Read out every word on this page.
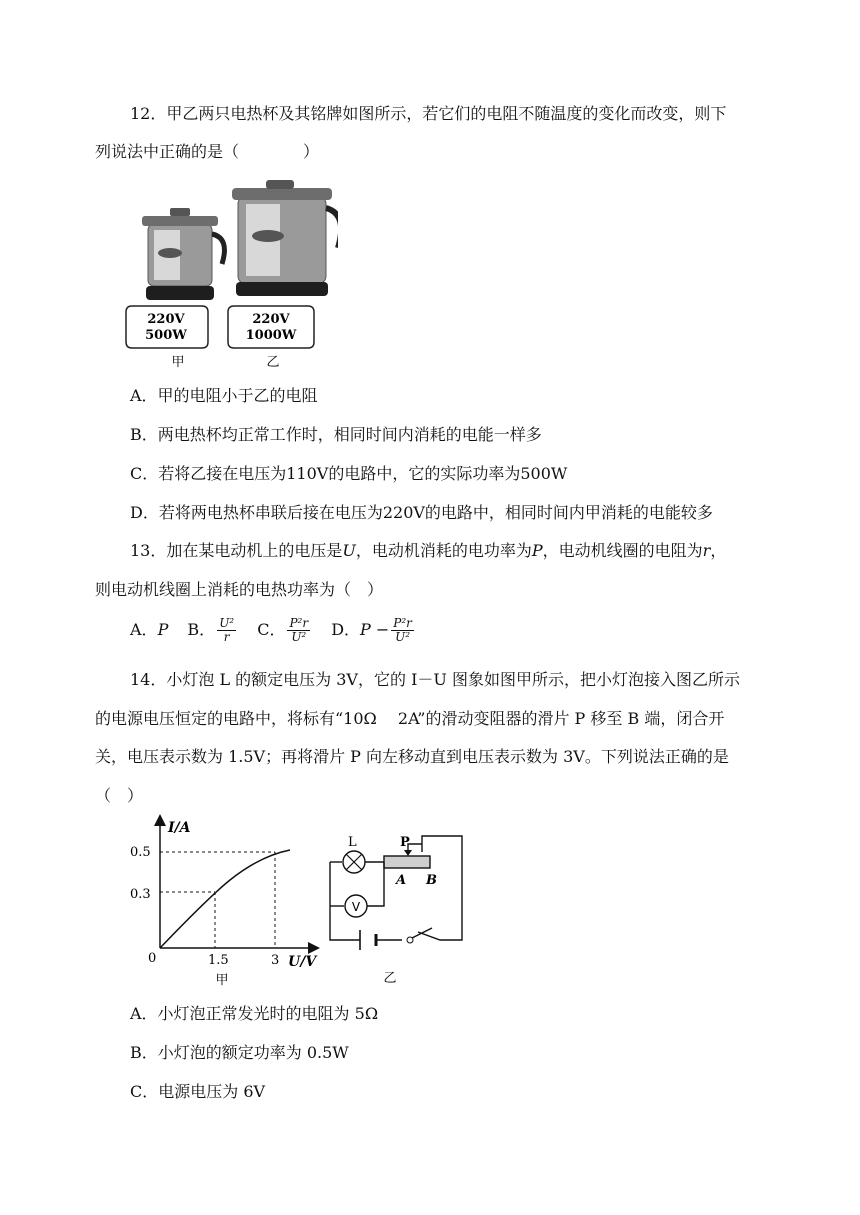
12．甲乙两只电热杯及其铭牌如图所示，若它们的电阻不随温度的变化而改变，则下
列说法中正确的是（　　　　）
220V
500W
220V
1000W
甲	乙
A．甲的电阻小于乙的电阻
B．两电热杯均正常工作时，相同时间内消耗的电能一样多
C．若将乙接在电压为110V的电路中，它的实际功率为500W
D．若将两电热杯串联后接在电压为220V的电路中，相同时间内甲消耗的电能较多
13．加在某电动机上的电压是U，电动机消耗的电功率为P，电动机线圈的电阻为r，
则电动机线圈上消耗的电热功率为（　）
A．P B． $\frac{\text{U²}}{r}$ C． $\frac{\text{P²r}}{\text{U²}}$ D．$P - \frac{\text{P²r}}{\text{U²}}$
14．小灯泡 L 的额定电压为 3V，它的 I－U 图象如图甲所示，把小灯泡接入图乙所示
的电源电压恒定的电路中，将标有“10Ω　 2A”的滑动变阻器的滑片 P 移至 B 端，闭合开
关，电压表示数为 1.5V；再将滑片 P 向左移动直到电压表示数为 3V。下列说法正确的是
（　）
I/A
U/V
0
0.5
0.3
1.5	3
甲
L	P
A B
V
乙
A．小灯泡正常发光时的电阻为 5Ω
B．小灯泡的额定功率为 0.5W
C．电源电压为 6V
